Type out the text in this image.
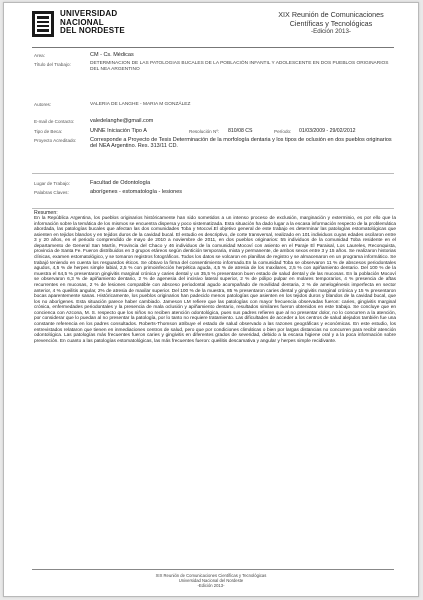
UNIVERSIDAD
NACIONAL
DEL NORDESTE
XIX Reunión de Comunicaciones
Científicas y Tecnológicas
-Edición 2013-
Area:	CM - Cs. Médicas
Título del Trabajo:	DETERMINACION DE LAS PATOLOGIAS BUCALES DE LA POBLACIÓN INFANTIL Y ADOLESCENTE EN DOS PUEBLOS ORIGINARIOS DEL NEA ARGENTINO
Autores:	VALERIA DE LANGHE - MARIA M GONZÁLEZ
E-mail de Contacto:	valedelanghe@gmail.com
Tipo de Beca:	UNNE Iniciación Tipo A	Resolución Nº: 810/08 CS	Período: 01/03/2009 - 29/02/2012
Proyecto Acreditado: Corresponde a Proyecto de Tesis Determinación de la morfología dentaria y los tipos de oclusión en dos pueblos originarios del NEA Argentino. Res. 313/11 CD.
Lugar de Trabajo:	Facultad de Odontología
Palabras Claves:	aborígenes - estomatología - lesiones
Resumen:
En la República Argentina, los pueblos originarios históricamente han sido sometidos a un intenso proceso de exclusión, marginación y exterminio, es por ello que la información sobre la temática de los mismos se encuentra dispersa y poco sistematizada. Esta situación ha dado lugar a la escasa información respecto de la problemática abordada, las patologías bucales que afectan las dos comunidades Toba y Mocoví.El objetivo general de este trabajo es determinar las patologías estomatológicas que asienten en tejidos blandos y en tejidos duros de la cavidad bucal. El estudio es descriptivo, de corte transversal, realizado en 101 individuos cuyas edades oscilaron entre 3 y 20 años, en el periodo comprendido de mayo de 2010 a noviembre de 2011, en dos pueblos originarios: 55 individuos de la comunidad Toba residente en el departamento de General San Martín, Provincia del Chaco y 46 individuos de la comunidad Mocoví con asiento en el Paraje El Paraisal, Los Laureles, Reconquista, provincia de Santa Fe. Fueron distribuidos en 3 grupos etáreos según dentición temporaria, mixta y permanente, de ambos sexos entre 3 y 15 años. Se realizaron historias clínicas, examen estomatológico, y se tomaron registros fotográficos. Todos los datos se volcaron en planillas de registro y se almacenaron en un programa informático. Se trabajó teniendo en cuenta los resguardos éticos. Se obtuvo la firma del consentimiento informado.En la comunidad Toba se observaron 11 % de abscesos periodontales agudos, 4,5 % de herpes simple labial, 2,5 % con primoinfección herpética aguda, 4,5 % de atresia de los maxilares, 2,5 % con apiñamiento dentario. Del 100 % de la muestra el 64,5 % presentaron gingivitis marginal crónica y caries dental y un 35,5 % presentaron buen estado de salud dental y de las mucosas. En la población Mocoví se observaron 6,3 % de apiñamiento dentario, 2 % de agenesia del incisivo lateral superior, 2 % de pólipo pulpar en molares temporarios, 4 % presencia de aftas recurrentes en mucosas, 2 % de lesiones compatible con absceso periodontal agudo acompañado de movilidad dentaria, 2 % de amelogénesis imperfecta en sector anterior, 4 % queilitis angular, 2% de atresia de maxilar superior. Del 100 % de la muestra, 85 % presentaron caries dental y gingivitis marginal crónica y 15 % presentaron bocas aparentemente sanas. Históricamente, los pueblos originarios han padecido menos patologías que asienten en los tejidos duros y blandos de la cavidad bucal, que los no aborígenes. Esta situación parece haber cambiado. Jameson LM refiere que las patologías con mayor frecuencia observadas fueron: caries, gingivitis marginal crónica, enfermedades periodontales y la presencia de mala oclusión y apiñamiento dentario, resultados similares fueron obtenidos en este trabajo. Se concluye que en concienca con Azcona, M. S. respecto que los niños no reciben atención odontológica, pues sus padres refieren que al no presentar dolor, no lo concurren a la atención, por considerar que lo puedan al no presentar la patología, por lo tanto no requiere tratamiento. Las dificultades de acceder a los centros de salud alejados también fue una constante referencia en los padres consultados. Roberts-Thomson atribuye el estado de salud observado a las razones geográficas y económicas. En este estudio, los entrevistados relataron que tienen en inmediaciones centros de salud, pero que por condiciones climáticas o bien por largas distancias no concurren para recibir atención odontológica. Las patologías más frecuentes fueron caries y gingivitis en diferentes grados de severidad, debido a la escasa higiene oral y a la poca información sobre prevención. En cuanto a las patologías estomatológicas, las más frecuentes fueron: queilitis descamativa y angular y herpes simple recidivante.
XIX Reunión de Comunicaciones Científicas y Tecnológicas
Universidad Nacional del Nordeste
-Edición 2013-
